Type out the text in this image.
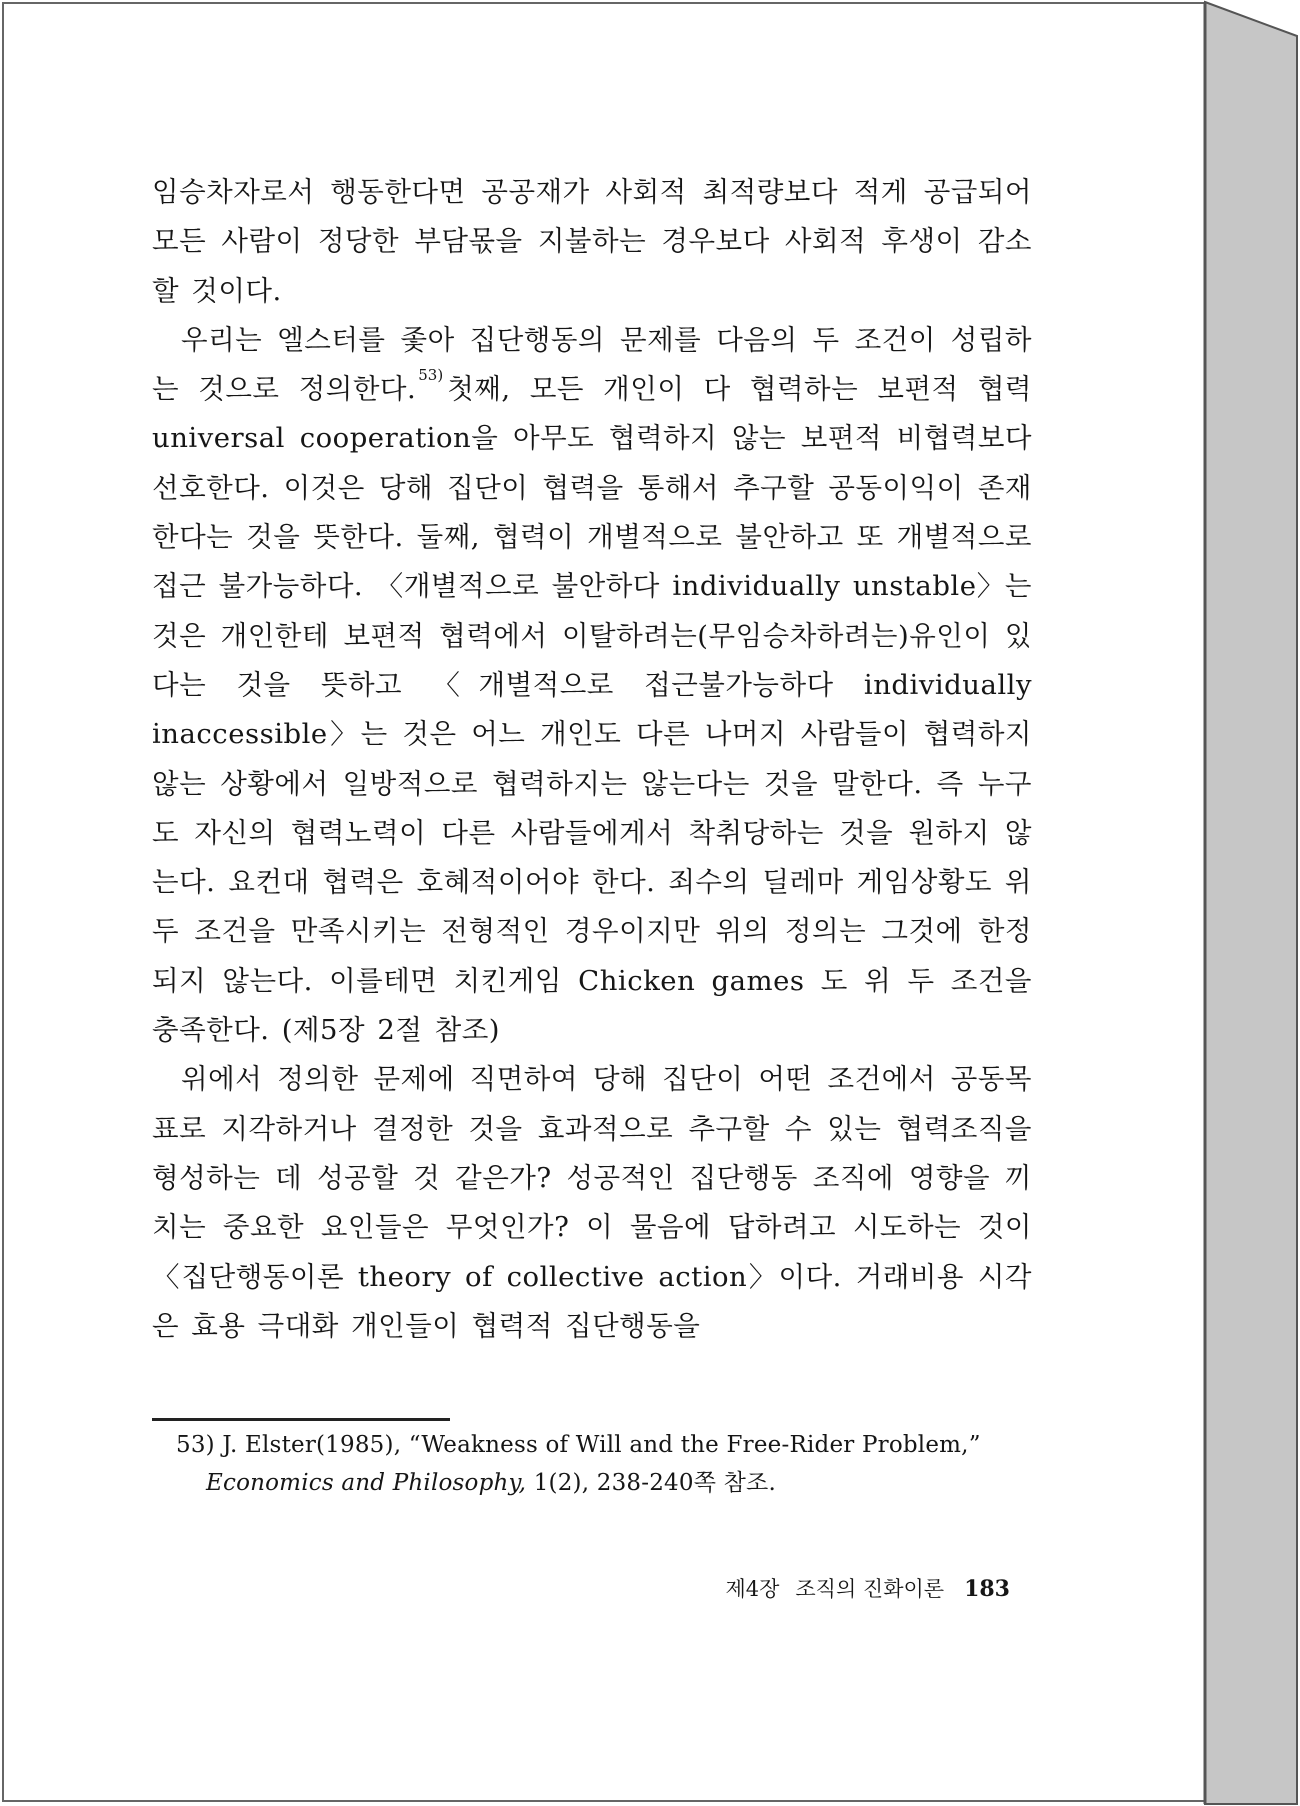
임승차자로서 행동한다면 공공재가 사회적 최적량보다 적게 공급되어 모든 사람이 정당한 부담몫을 지불하는 경우보다 사회적 후생이 감소할 것이다.

우리는 엘스터를 좇아 집단행동의 문제를 다음의 두 조건이 성립하는 것으로 정의한다. $^{53)}$ 첫째, 모든 개인이 다 협력하는 보편적 협력 universal cooperation을 아무도 협력하지 않는 보편적 비협력보다 선호한다. 이것은 당해 집단이 협력을 통해서 추구할 공동이익이 존재한다는 것을 뜻한다. 둘째, 협력이 개별적으로 불안하고 또 개별적으로 접근 불가능하다. 〈개별적으로 불안하다 individually unstable〉는 것은 개인한테 보편적 협력에서 이탈하려는(무임승차하려는)유인이 있다는 것을 뜻하고 〈개별적으로 접근불가능하다 individually inaccessible〉는 것은 어느 개인도 다른 나머지 사람들이 협력하지 않는 상황에서 일방적으로 협력하지는 않는다는 것을 말한다. 즉 누구도 자신의 협력노력이 다른 사람들에게서 착취당하는 것을 원하지 않는다. 요컨대 협력은 호혜적이어야 한다. 죄수의 딜레마 게임상황도 위 두 조건을 만족시키는 전형적인 경우이지만 위의 정의는 그것에 한정되지 않는다. 이를테면 치킨게임 Chicken games 도 위 두 조건을 충족한다. (제5장 2절 참조)

위에서 정의한 문제에 직면하여 당해 집단이 어떤 조건에서 공동목표로 지각하거나 결정한 것을 효과적으로 추구할 수 있는 협력조직을 형성하는 데 성공할 것 같은가? 성공적인 집단행동 조직에 영향을 끼치는 중요한 요인들은 무엇인가? 이 물음에 답하려고 시도하는 것이 〈집단행동이론 theory of collective action〉이다. 거래비용 시각은 효용 극대화 개인들이 협력적 집단행동을

53) J. Elster(1985), “Weakness of Will and the Free-Rider Problem,”
Economics and Philosophy, 1(2), 238-240쪽 참조.
제4장 조직의 진화이론 183
